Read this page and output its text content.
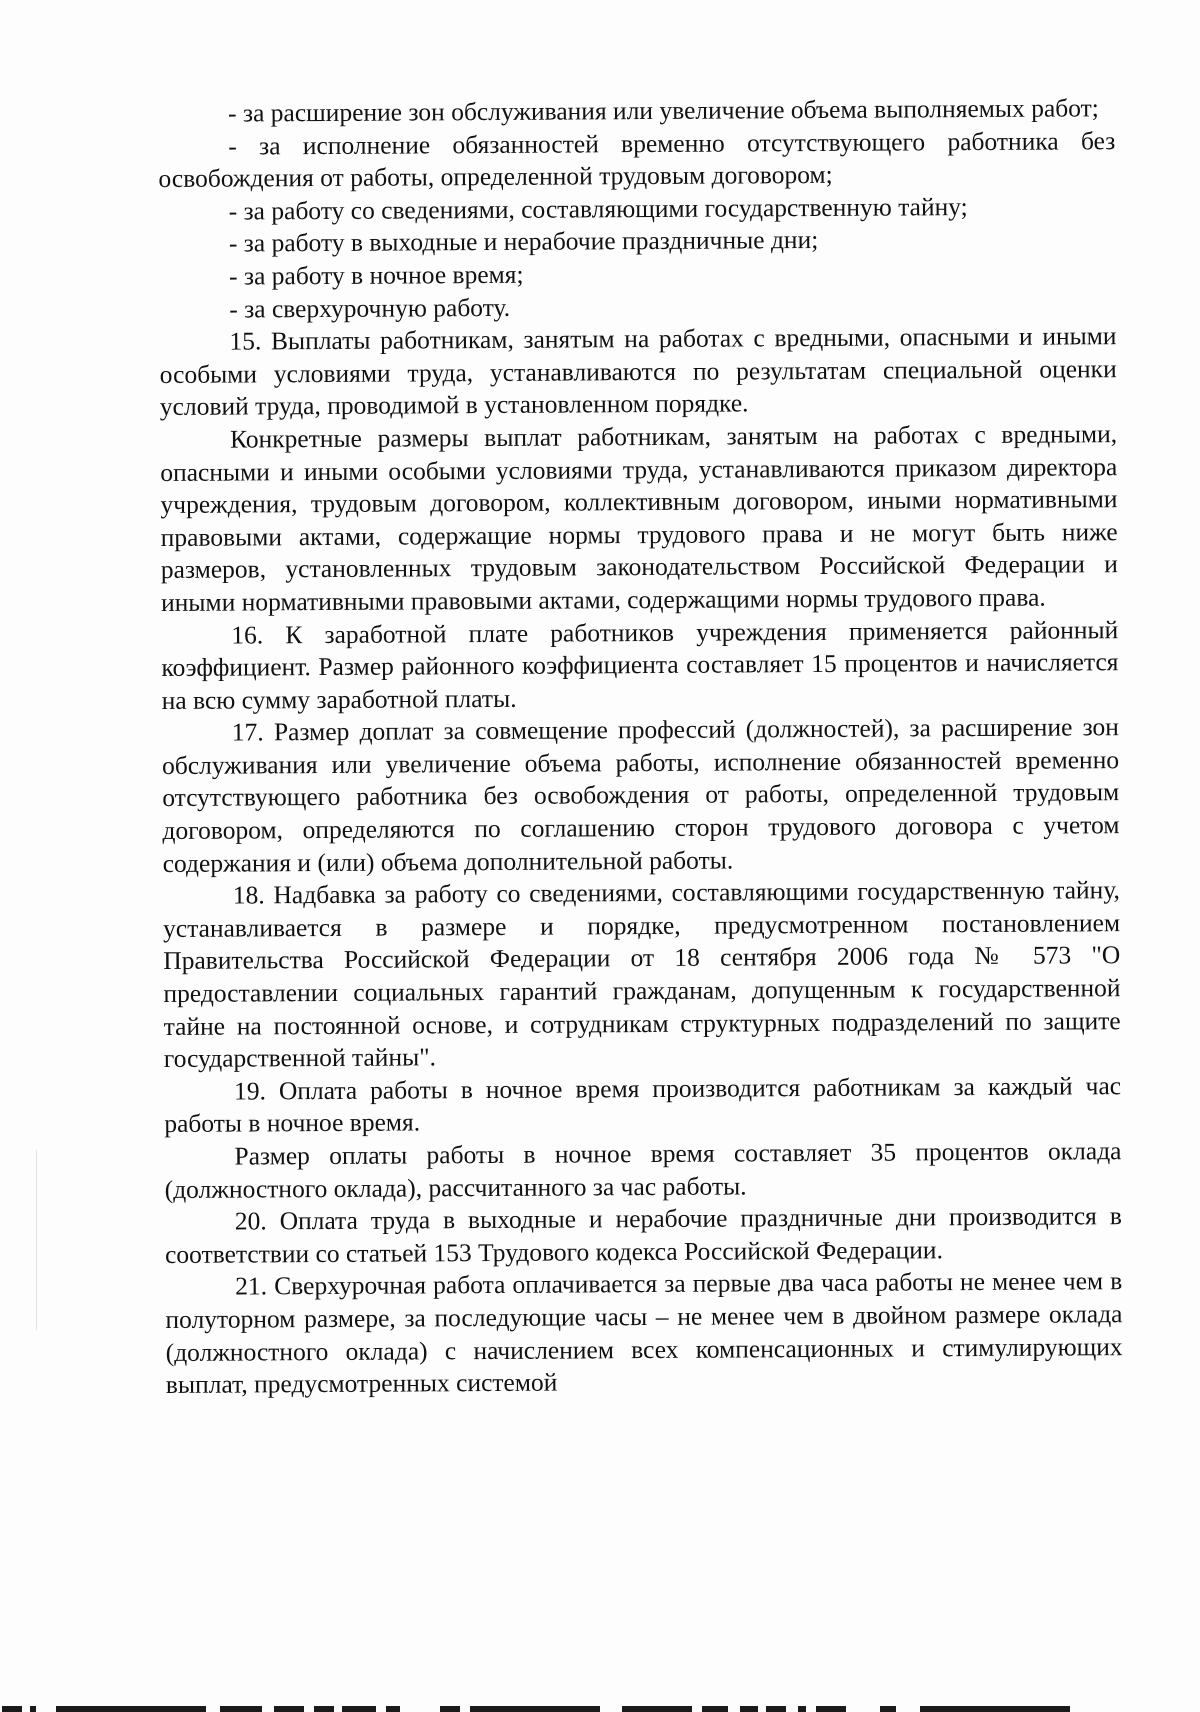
- за расширение зон обслуживания или увеличение объема выполняемых работ;

- за исполнение обязанностей временно отсутствующего работника без освобождения от работы, определенной трудовым договором;

- за работу со сведениями, составляющими государственную тайну;

- за работу в выходные и нерабочие праздничные дни;

- за работу в ночное время;

- за сверхурочную работу.

15. Выплаты работникам, занятым на работах с вредными, опасными и иными особыми условиями труда, устанавливаются по результатам специальной оценки условий труда, проводимой в установленном порядке.

Конкретные размеры выплат работникам, занятым на работах с вредными, опасными и иными особыми условиями труда, устанавливаются приказом директора учреждения, трудовым договором, коллективным договором, иными нормативными правовыми актами, содержащие нормы трудового права и не могут быть ниже размеров, установленных трудовым законодательством Российской Федерации и иными нормативными правовыми актами, содержащими нормы трудового права.

16. К заработной плате работников учреждения применяется районный коэффициент. Размер районного коэффициента составляет 15 процентов и начисляется на всю сумму заработной платы.

17. Размер доплат за совмещение профессий (должностей), за расширение зон обслуживания или увеличение объема работы, исполнение обязанностей временно отсутствующего работника без освобождения от работы, определенной трудовым договором, определяются по соглашению сторон трудового договора с учетом содержания и (или) объема дополнительной работы.

18. Надбавка за работу со сведениями, составляющими государственную тайну, устанавливается в размере и порядке, предусмотренном постановлением Правительства Российской Федерации от 18 сентября 2006 года № 573 "О предоставлении социальных гарантий гражданам, допущенным к государственной тайне на постоянной основе, и сотрудникам структурных подразделений по защите государственной тайны".

19. Оплата работы в ночное время производится работникам за каждый час работы в ночное время.

Размер оплаты работы в ночное время составляет 35 процентов оклада (должностного оклада), рассчитанного за час работы.

20. Оплата труда в выходные и нерабочие праздничные дни производится в соответствии со статьей 153 Трудового кодекса Российской Федерации.

21. Сверхурочная работа оплачивается за первые два часа работы не менее чем в полуторном размере, за последующие часы – не менее чем в двойном размере оклада (должностного оклада) с начислением всех компенсационных и стимулирующих выплат, предусмотренных системой
